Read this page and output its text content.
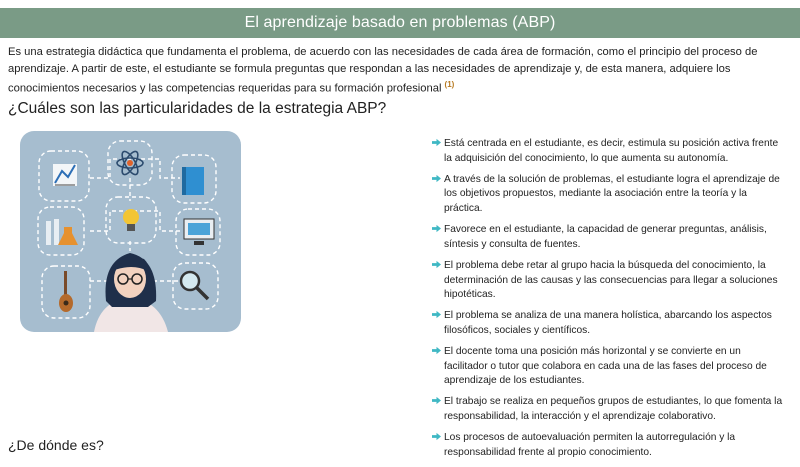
El aprendizaje basado en problemas (ABP)
Es una estrategia didáctica que fundamenta el problema, de acuerdo con las necesidades de cada área de formación, como el principio del proceso de aprendizaje. A partir de este, el estudiante se formula preguntas que respondan a las necesidades de aprendizaje y, de esta manera, adquiere los conocimientos necesarios y las competencias requeridas para su formación profesional $^{(1)}$
¿Cuáles son las particularidades de la estrategia ABP?
Está centrada en el estudiante, es decir, estimula su posición activa frente la adquisición del conocimiento, lo que aumenta su autonomía.
A través de la solución de problemas, el estudiante logra el aprendizaje de los objetivos propuestos, mediante la asociación entre la teoría y la práctica.
Favorece en el estudiante, la capacidad de generar preguntas, análisis, síntesis y consulta de fuentes.
El problema debe retar al grupo hacia la búsqueda del conocimiento, la determinación de las causas y las consecuencias para llegar a soluciones hipotéticas.
El problema se analiza de una manera holística, abarcando los aspectos filosóficos, sociales y científicos.
El docente toma una posición más horizontal y se convierte en un facilitador o tutor que colabora en cada una de las fases del proceso de aprendizaje de los estudiantes.
El trabajo se realiza en pequeños grupos de estudiantes, lo que fomenta la responsabilidad, la interacción y el aprendizaje colaborativo.
Los procesos de autoevaluación permiten la autorregulación y la responsabilidad frente al propio conocimiento.
¿De dónde es?
